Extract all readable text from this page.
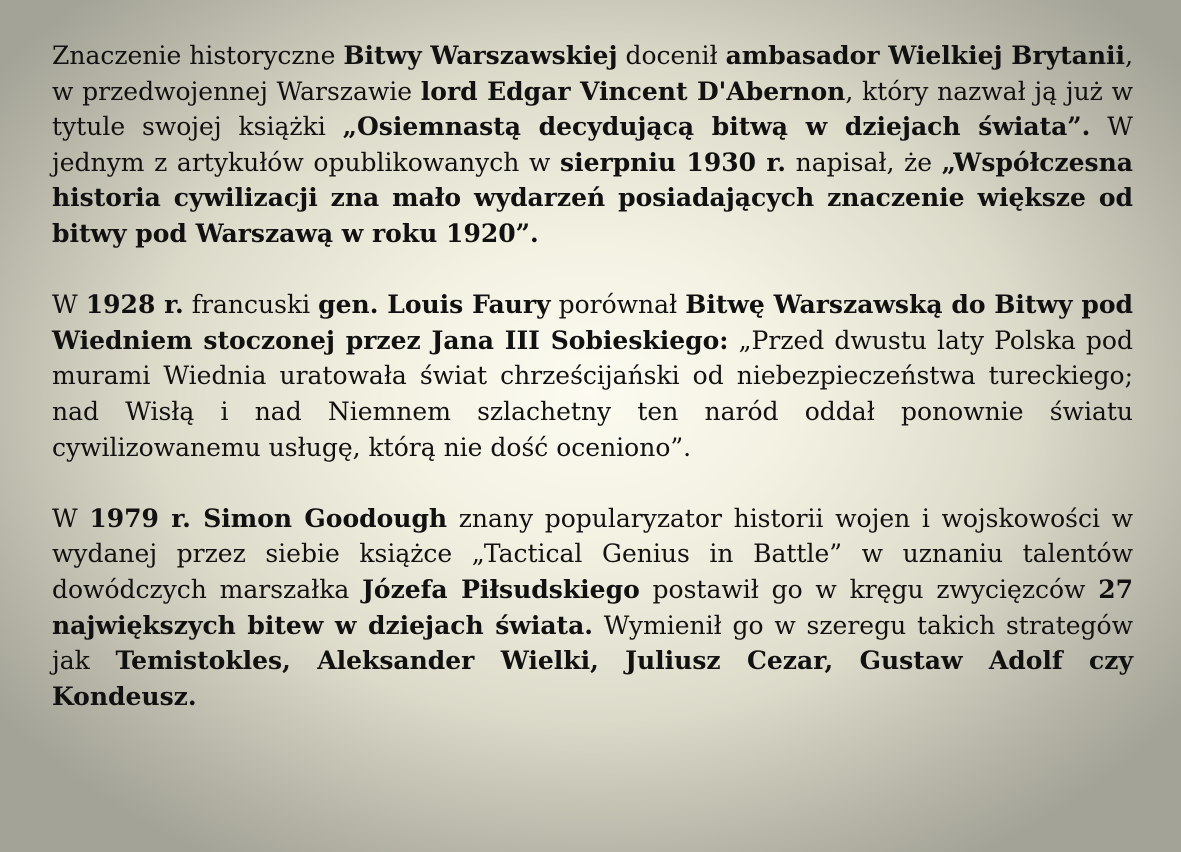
Znaczenie historyczne Bitwy Warszawskiej docenił ambasador Wielkiej Brytanii, w przedwojennej Warszawie lord Edgar Vincent D'Abernon, który nazwał ją już w tytule swojej książki „Osiemnastą decydującą bitwą w dziejach świata”. W jednym z artykułów opublikowanych w sierpniu 1930 r. napisał, że „Współczesna historia cywilizacji zna mało wydarzeń posiadających znaczenie większe od bitwy pod Warszawą w roku 1920”.

W 1928 r. francuski gen. Louis Faury porównał Bitwę Warszawską do Bitwy pod Wiedniem stoczonej przez Jana III Sobieskiego: „Przed dwustu laty Polska pod murami Wiednia uratowała świat chrześcijański od niebezpieczeństwa tureckiego; nad Wisłą i nad Niemnem szlachetny ten naród oddał ponownie światu cywilizowanemu usługę, którą nie dość oceniono”.

W 1979 r. Simon Goodough znany popularyzator historii wojen i wojskowości w wydanej przez siebie książce „Tactical Genius in Battle” w uznaniu talentów dowódczych marszałka Józefa Piłsudskiego postawił go w kręgu zwycięzców 27 największych bitew w dziejach świata. Wymienił go w szeregu takich strategów jak Temistokles, Aleksander Wielki, Juliusz Cezar, Gustaw Adolf czy Kondeusz.
